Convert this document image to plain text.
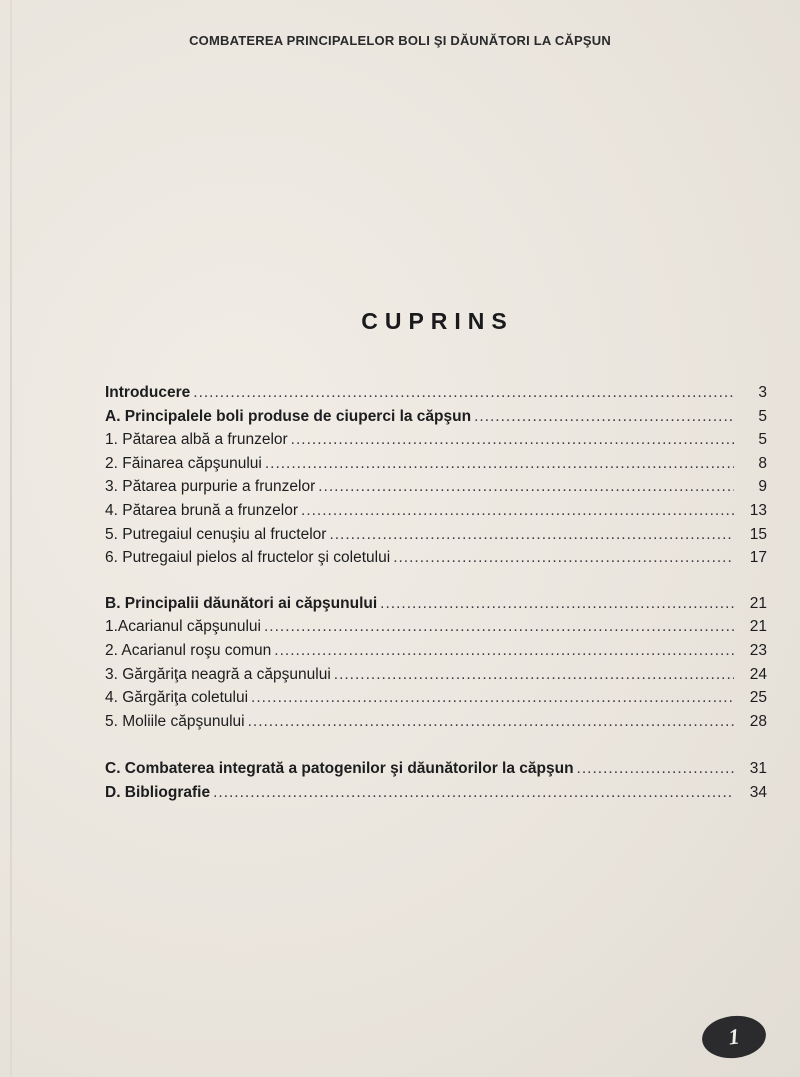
COMBATEREA PRINCIPALELOR BOLI ŞI DĂUNĂTORI LA CĂPŞUN
CUPRINS
Introducere .....	3
A. Principalele boli produse de ciuperci la căpşun .....	5
1. Pătarea albă a frunzelor .....	5
2. Făinarea căpşunului .....	8
3. Pătarea purpurie a frunzelor .....	9
4. Pătarea brună a frunzelor .....	13
5. Putregaiul cenuşiu al fructelor .....	15
6. Putregaiul pielos al fructelor şi coletului .....	17
B. Principalii dăunători ai căpşunului .....	21
1.Acarianul căpşunului .....	21
2. Acarianul roşu comun .....	23
3. Gărgăriţa neagră a căpşunului .....	24
4. Gărgăriţa coletului .....	25
5. Moliile căpşunului .....	28
C. Combaterea integrată a patogenilor şi dăunătorilor la căpşun .....	31
D. Bibliografie .....	34
1
